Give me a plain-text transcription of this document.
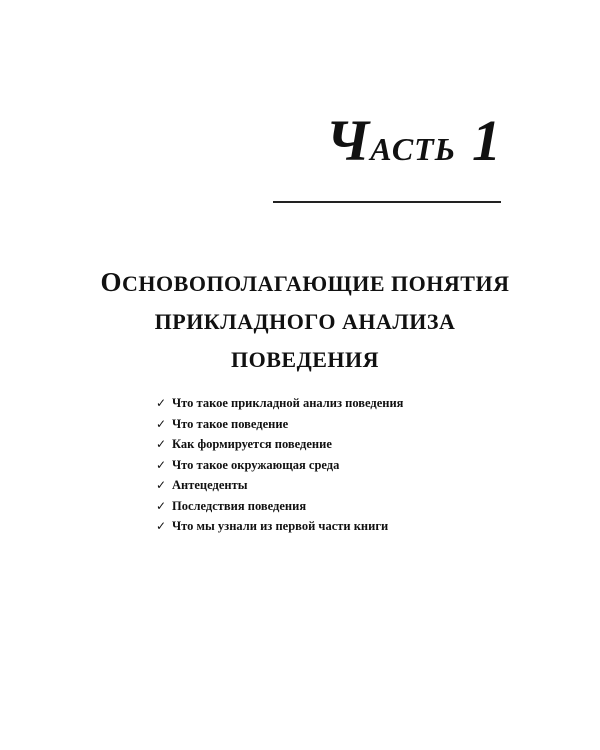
Часть 1
ОСНОВОПОЛАГАЮЩИЕ ПОНЯТИЯ
ПРИКЛАДНОГО АНАЛИЗА
ПОВЕДЕНИЯ
✓ Что такое прикладной анализ поведения
✓ Что такое поведение
✓ Как формируется поведение
✓ Что такое окружающая среда
✓ Антецеденты
✓ Последствия поведения
✓ Что мы узнали из первой части книги
